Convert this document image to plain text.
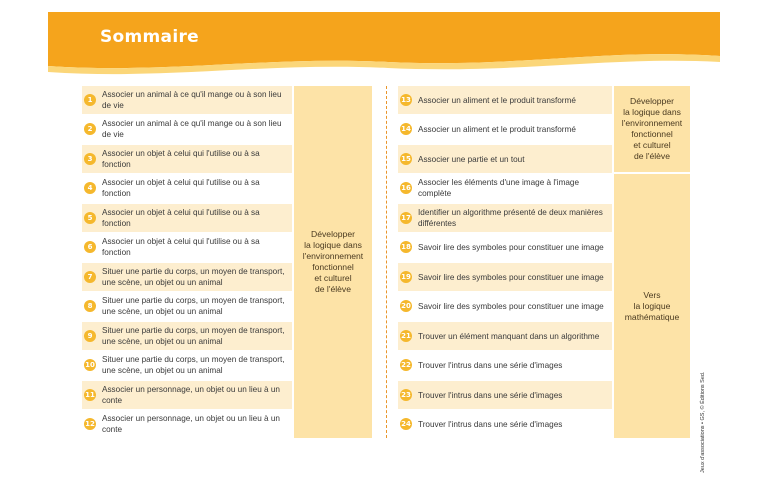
Sommaire
1
Associer un animal à ce qu'il mange ou à son lieu de vie
2
Associer un animal à ce qu'il mange ou à son lieu de vie
3
Associer un objet à celui qui l'utilise ou à sa fonction
4
Associer un objet à celui qui l'utilise ou à sa fonction
5
Associer un objet à celui qui l'utilise ou à sa fonction
6
Associer un objet à celui qui l'utilise ou à sa fonction
7
Situer une partie du corps, un moyen de transport, une scène, un objet ou un animal
8
Situer une partie du corps, un moyen de transport, une scène, un objet ou un animal
9
Situer une partie du corps, un moyen de transport, une scène, un objet ou un animal
10
Situer une partie du corps, un moyen de transport, une scène, un objet ou un animal
11
Associer un personnage, un objet ou un lieu à un conte
12
Associer un personnage, un objet ou un lieu à un conte
Développer
la logique dans
l'environnement
fonctionnel
et culturel
de l'élève
13 Associer un aliment et le produit transformé
14 Associer un aliment et le produit transformé
15 Associer une partie et un tout
16
Associer les éléments d'une image à l'image complète
17
Identifier un algorithme présenté de deux manières différentes
18 Savoir lire des symboles pour constituer une image
19 Savoir lire des symboles pour constituer une image
20 Savoir lire des symboles pour constituer une image
21 Trouver un élément manquant dans un algorithme
22 Trouver l'intrus dans une série d'images
23 Trouver l'intrus dans une série d'images
24 Trouver l'intrus dans une série d'images
Développer
la logique dans
l'environnement
fonctionnel
et culturel
de l'élève
Vers
la logique
mathématique
Jeux d'associations • GS, © Éditions Sed.
